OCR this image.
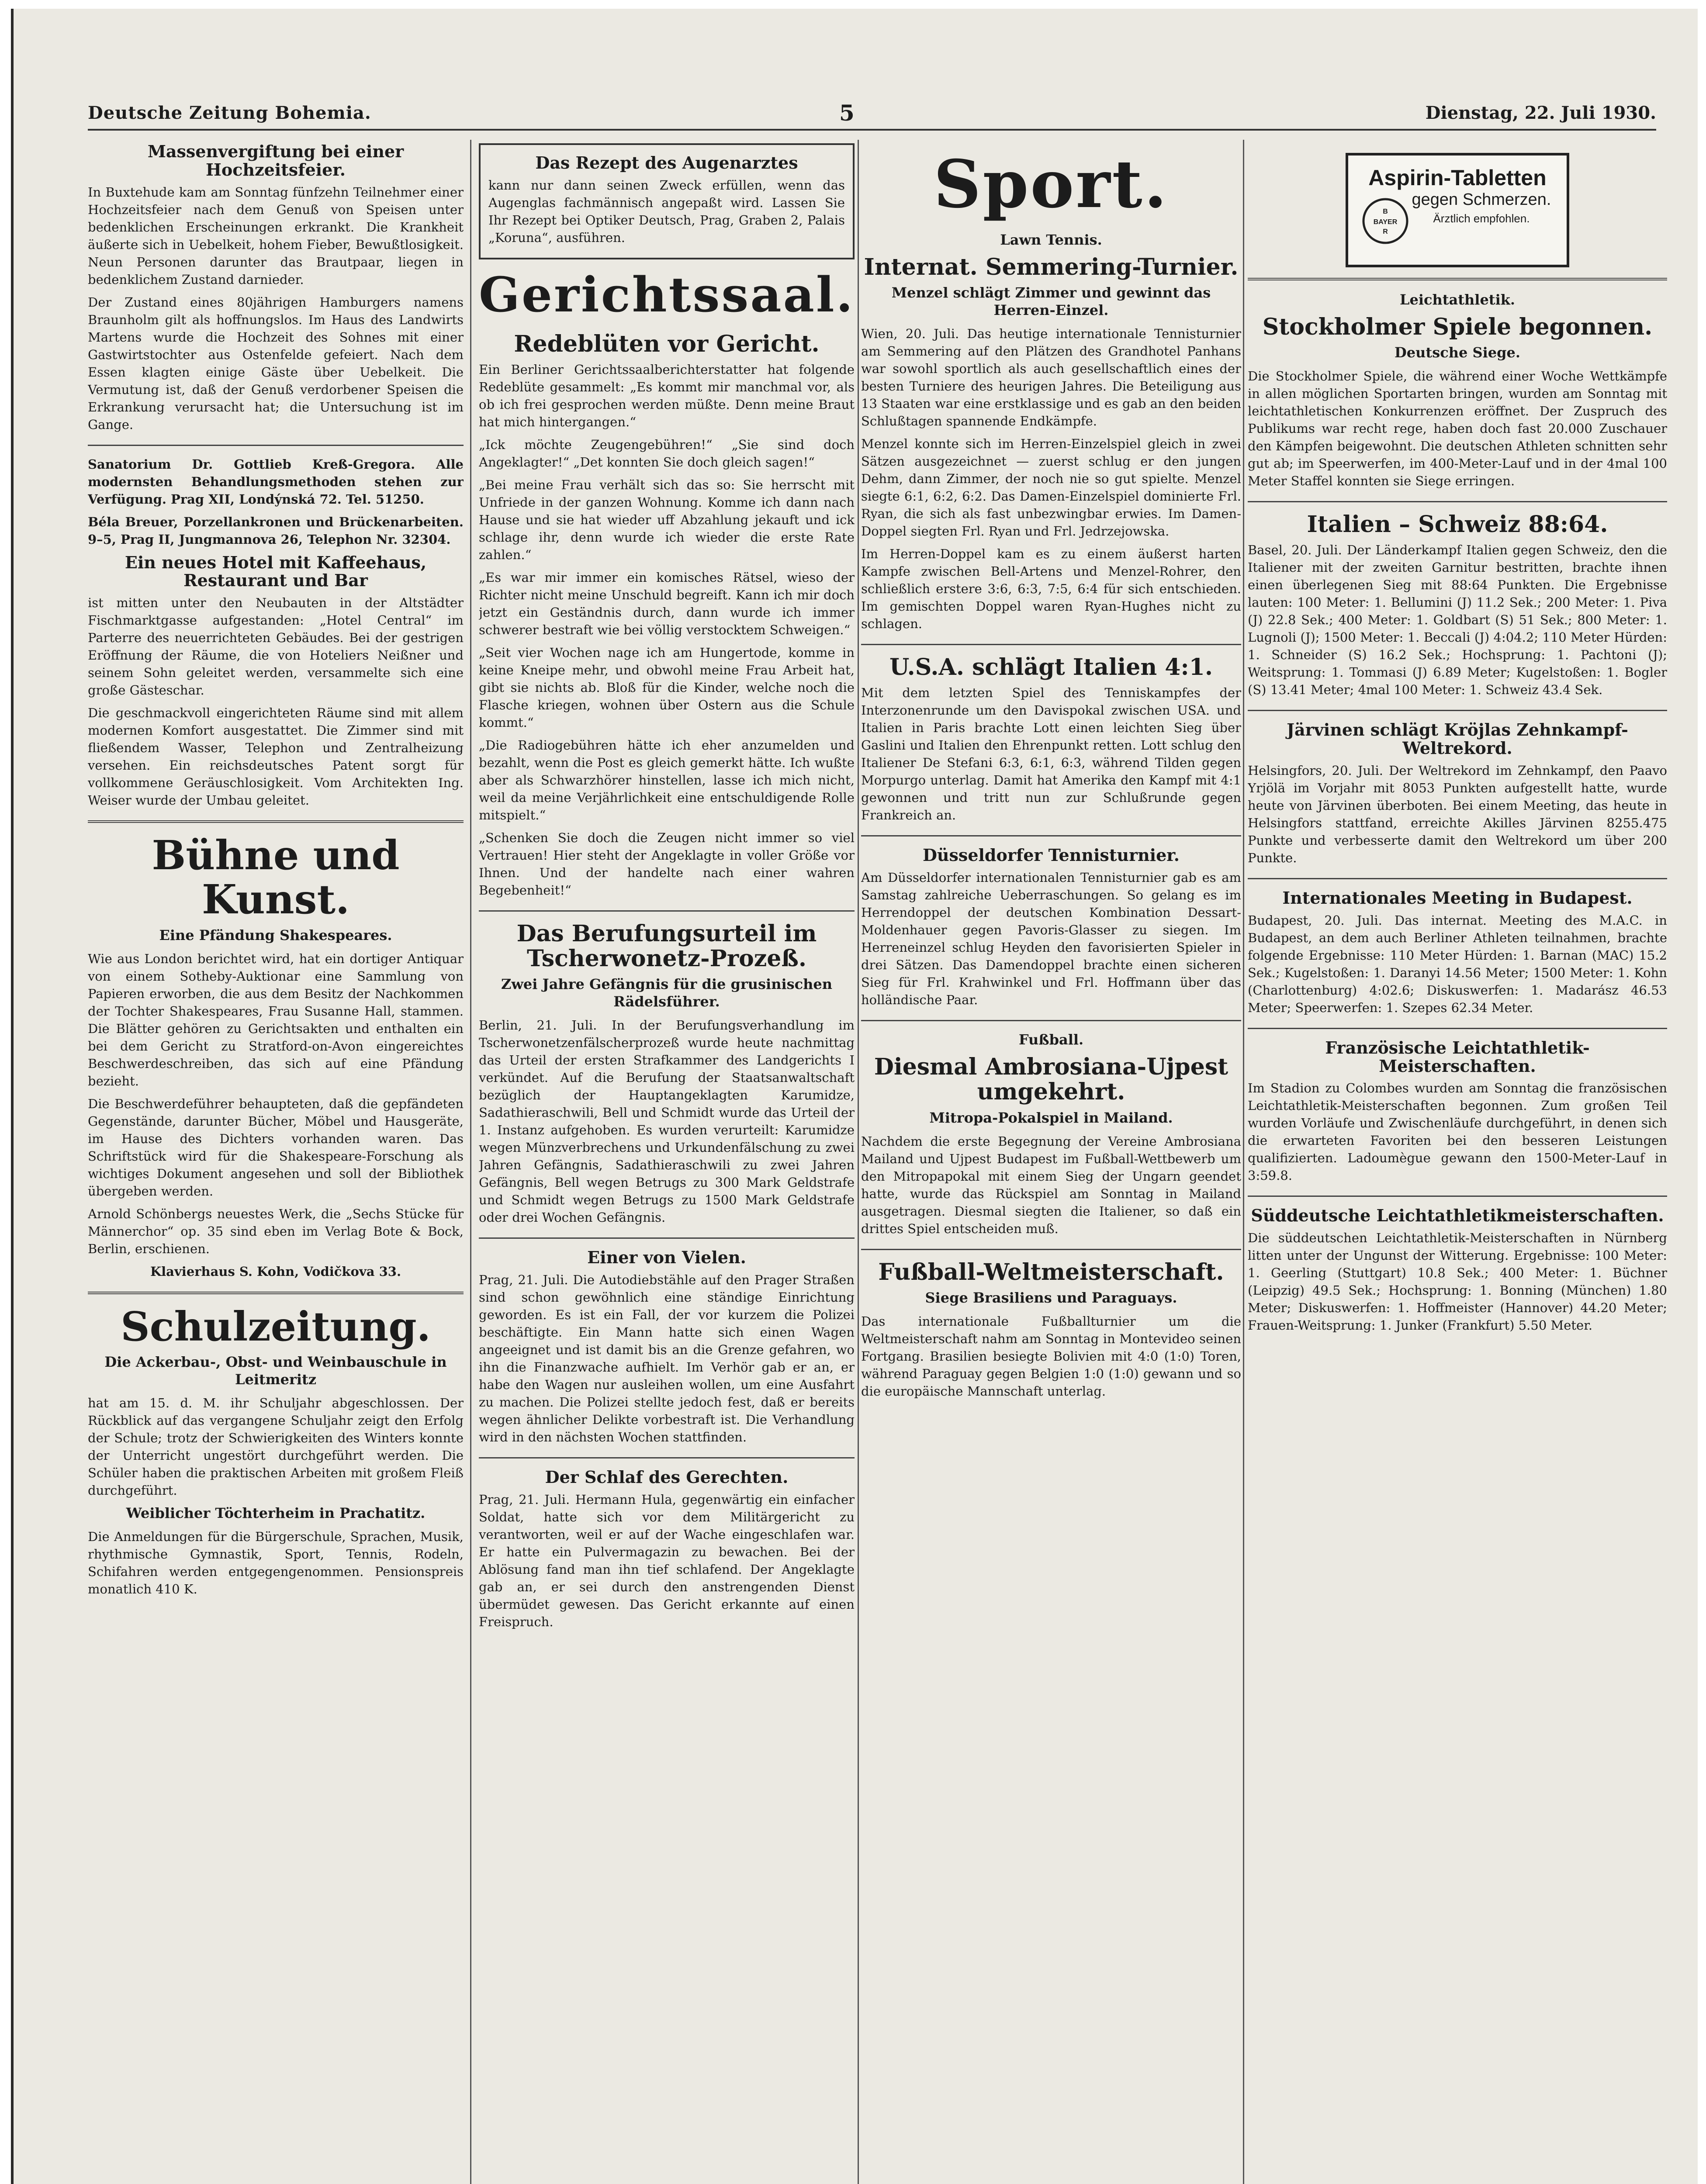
Deutsche Zeitung Bohemia.	5	Dienstag, 22. Juli 1930.
Massenvergiftung bei einer Hochzeitsfeier.

In Buxtehude kam am Sonntag fünfzehn Teilnehmer einer Hochzeitsfeier nach dem Genuß von Speisen unter bedenklichen Erscheinungen erkrankt. Die Krankheit äußerte sich in Uebelkeit, hohem Fieber, Bewußtlosigkeit. Neun Personen darunter das Brautpaar, liegen in bedenklichem Zustand darnieder.

Der Zustand eines 80jährigen Hamburgers namens Braunholm gilt als hoffnungslos. Im Haus des Landwirts Martens wurde die Hochzeit des Sohnes mit einer Gastwirtstochter aus Ostenfelde gefeiert. Nach dem Essen klagten einige Gäste über Uebelkeit. Die Vermutung ist, daß der Genuß verdorbener Speisen die Erkrankung verursacht hat; die Untersuchung ist im Gange.

Sanatorium Dr. Gottlieb Kreß-Gregora. Alle modernsten Behandlungsmethoden stehen zur Verfügung. Prag XII, Londýnská 72. Tel. 51250.

Béla Breuer, Porzellankronen und Brückenarbeiten. 9–5, Prag II, Jungmannova 26, Telephon Nr. 32304.

Ein neues Hotel mit Kaffeehaus, Restaurant und Bar

ist mitten unter den Neubauten in der Altstädter Fischmarktgasse aufgestanden: „Hotel Central“ im Parterre des neuerrichteten Gebäudes. Bei der gestrigen Eröffnung der Räume, die von Hoteliers Neißner und seinem Sohn geleitet werden, versammelte sich eine große Gästeschar.

Die geschmackvoll eingerichteten Räume sind mit allem modernen Komfort ausgestattet. Die Zimmer sind mit fließendem Wasser, Telephon und Zentralheizung versehen. Ein reichsdeutsches Patent sorgt für vollkommene Geräuschlosigkeit. Vom Architekten Ing. Weiser wurde der Umbau geleitet.

Bühne und Kunst.
Eine Pfändung Shakespeares.

Wie aus London berichtet wird, hat ein dortiger Antiquar von einem Sotheby-Auktionar eine Sammlung von Papieren erworben, die aus dem Besitz der Nachkommen der Tochter Shakespeares, Frau Susanne Hall, stammen. Die Blätter gehören zu Gerichtsakten und enthalten ein bei dem Gericht zu Stratford-on-Avon eingereichtes Beschwerdeschreiben, das sich auf eine Pfändung bezieht.

Die Beschwerdeführer behaupteten, daß die gepfändeten Gegenstände, darunter Bücher, Möbel und Hausgeräte, im Hause des Dichters vorhanden waren. Das Schriftstück wird für die Shakespeare-Forschung als wichtiges Dokument angesehen und soll der Bibliothek übergeben werden.

Arnold Schönbergs neuestes Werk, die „Sechs Stücke für Männerchor“ op. 35 sind eben im Verlag Bote & Bock, Berlin, erschienen.

Klavierhaus S. Kohn, Vodičkova 33.

Schulzeitung.
Die Ackerbau-, Obst- und Weinbauschule in Leitmeritz

hat am 15. d. M. ihr Schuljahr abgeschlossen. Der Rückblick auf das vergangene Schuljahr zeigt den Erfolg der Schule; trotz der Schwierigkeiten des Winters konnte der Unterricht ungestört durchgeführt werden. Die Schüler haben die praktischen Arbeiten mit großem Fleiß durchgeführt.

Weiblicher Töchterheim in Prachatitz.

Die Anmeldungen für die Bürgerschule, Sprachen, Musik, rhythmische Gymnastik, Sport, Tennis, Rodeln, Schifahren werden entgegengenommen. Pensionspreis monatlich 410 K.

Das Rezept des Augenarztes

kann nur dann seinen Zweck erfüllen, wenn das Augenglas fachmännisch angepaßt wird. Lassen Sie Ihr Rezept bei Optiker Deutsch, Prag, Graben 2, Palais „Koruna“, ausführen.

Gerichtssaal.
Redeblüten vor Gericht.

Ein Berliner Gerichtssaalberichterstatter hat folgende Redeblüte gesammelt: „Es kommt mir manchmal vor, als ob ich frei gesprochen werden müßte. Denn meine Braut hat mich hintergangen.“

„Ick möchte Zeugengebühren!“ „Sie sind doch Angeklagter!“ „Det konnten Sie doch gleich sagen!“

„Bei meine Frau verhält sich das so: Sie herrscht mit Unfriede in der ganzen Wohnung. Komme ich dann nach Hause und sie hat wieder uff Abzahlung jekauft und ick schlage ihr, denn wurde ich wieder die erste Rate zahlen.“

„Es war mir immer ein komisches Rätsel, wieso der Richter nicht meine Unschuld begreift. Kann ich mir doch jetzt ein Geständnis durch, dann wurde ich immer schwerer bestraft wie bei völlig verstocktem Schweigen.“

„Seit vier Wochen nage ich am Hungertode, komme in keine Kneipe mehr, und obwohl meine Frau Arbeit hat, gibt sie nichts ab. Bloß für die Kinder, welche noch die Flasche kriegen, wohnen über Ostern aus die Schule kommt.“

„Die Radiogebühren hätte ich eher anzumelden und bezahlt, wenn die Post es gleich gemerkt hätte. Ich wußte aber als Schwarzhörer hinstellen, lasse ich mich nicht, weil da meine Verjährlichkeit eine entschuldigende Rolle mitspielt.“

„Schenken Sie doch die Zeugen nicht immer so viel Vertrauen! Hier steht der Angeklagte in voller Größe vor Ihnen. Und der handelte nach einer wahren Begebenheit!“

Das Berufungsurteil im Tscherwonetz-Prozeß.
Zwei Jahre Gefängnis für die grusinischen Rädelsführer.

Berlin, 21. Juli. In der Berufungsverhandlung im Tscherwonetzenfälscherprozeß wurde heute nachmittag das Urteil der ersten Strafkammer des Landgerichts I verkündet. Auf die Berufung der Staatsanwaltschaft bezüglich der Hauptangeklagten Karumidze, Sadathieraschwili, Bell und Schmidt wurde das Urteil der 1. Instanz aufgehoben. Es wurden verurteilt: Karumidze wegen Münzverbrechens und Urkundenfälschung zu zwei Jahren Gefängnis, Sadathieraschwili zu zwei Jahren Gefängnis, Bell wegen Betrugs zu 300 Mark Geldstrafe und Schmidt wegen Betrugs zu 1500 Mark Geldstrafe oder drei Wochen Gefängnis.

Einer von Vielen.

Prag, 21. Juli. Die Autodiebstähle auf den Prager Straßen sind schon gewöhnlich eine ständige Einrichtung geworden. Es ist ein Fall, der vor kurzem die Polizei beschäftigte. Ein Mann hatte sich einen Wagen angeeignet und ist damit bis an die Grenze gefahren, wo ihn die Finanzwache aufhielt. Im Verhör gab er an, er habe den Wagen nur ausleihen wollen, um eine Ausfahrt zu machen. Die Polizei stellte jedoch fest, daß er bereits wegen ähnlicher Delikte vorbestraft ist. Die Verhandlung wird in den nächsten Wochen stattfinden.

Der Schlaf des Gerechten.

Prag, 21. Juli. Hermann Hula, gegenwärtig ein einfacher Soldat, hatte sich vor dem Militärgericht zu verantworten, weil er auf der Wache eingeschlafen war. Er hatte ein Pulvermagazin zu bewachen. Bei der Ablösung fand man ihn tief schlafend. Der Angeklagte gab an, er sei durch den anstrengenden Dienst übermüdet gewesen. Das Gericht erkannte auf einen Freispruch.

Sport.
Lawn Tennis.
Internat. Semmering-Turnier.
Menzel schlägt Zimmer und gewinnt das Herren-Einzel.

Wien, 20. Juli. Das heutige internationale Tennisturnier am Semmering auf den Plätzen des Grandhotel Panhans war sowohl sportlich als auch gesellschaftlich eines der besten Turniere des heurigen Jahres. Die Beteiligung aus 13 Staaten war eine erstklassige und es gab an den beiden Schlußtagen spannende Endkämpfe.

Menzel konnte sich im Herren-Einzelspiel gleich in zwei Sätzen ausgezeichnet — zuerst schlug er den jungen Dehm, dann Zimmer, der noch nie so gut spielte. Menzel siegte 6:1, 6:2, 6:2. Das Damen-Einzelspiel dominierte Frl. Ryan, die sich als fast unbezwingbar erwies. Im Damen-Doppel siegten Frl. Ryan und Frl. Jedrzejowska.

Im Herren-Doppel kam es zu einem äußerst harten Kampfe zwischen Bell-Artens und Menzel-Rohrer, den schließlich erstere 3:6, 6:3, 7:5, 6:4 für sich entschieden. Im gemischten Doppel waren Ryan-Hughes nicht zu schlagen.

U.S.A. schlägt Italien 4:1.

Mit dem letzten Spiel des Tenniskampfes der Interzonenrunde um den Davispokal zwischen USA. und Italien in Paris brachte Lott einen leichten Sieg über Gaslini und Italien den Ehrenpunkt retten. Lott schlug den Italiener De Stefani 6:3, 6:1, 6:3, während Tilden gegen Morpurgo unterlag. Damit hat Amerika den Kampf mit 4:1 gewonnen und tritt nun zur Schlußrunde gegen Frankreich an.

Düsseldorfer Tennisturnier.

Am Düsseldorfer internationalen Tennisturnier gab es am Samstag zahlreiche Ueberraschungen. So gelang es im Herrendoppel der deutschen Kombination Dessart-Moldenhauer gegen Pavoris-Glasser zu siegen. Im Herreneinzel schlug Heyden den favorisierten Spieler in drei Sätzen. Das Damendoppel brachte einen sicheren Sieg für Frl. Krahwinkel und Frl. Hoffmann über das holländische Paar.

Fußball.
Diesmal Ambrosiana-Ujpest umgekehrt.
Mitropa-Pokalspiel in Mailand.

Nachdem die erste Begegnung der Vereine Ambrosiana Mailand und Ujpest Budapest im Fußball-Wettbewerb um den Mitropapokal mit einem Sieg der Ungarn geendet hatte, wurde das Rückspiel am Sonntag in Mailand ausgetragen. Diesmal siegten die Italiener, so daß ein drittes Spiel entscheiden muß.

Fußball-Weltmeisterschaft.
Siege Brasiliens und Paraguays.

Das internationale Fußballturnier um die Weltmeisterschaft nahm am Sonntag in Montevideo seinen Fortgang. Brasilien besiegte Bolivien mit 4:0 (1:0) Toren, während Paraguay gegen Belgien 1:0 (1:0) gewann und so die europäische Mannschaft unterlag.

Aspirin-Tabletten
B
BAYER
R
gegen Schmerzen.
Ärztlich empfohlen.
Leichtathletik.
Stockholmer Spiele begonnen.
Deutsche Siege.

Die Stockholmer Spiele, die während einer Woche Wettkämpfe in allen möglichen Sportarten bringen, wurden am Sonntag mit leichtathletischen Konkurrenzen eröffnet. Der Zuspruch des Publikums war recht rege, haben doch fast 20.000 Zuschauer den Kämpfen beigewohnt. Die deutschen Athleten schnitten sehr gut ab; im Speerwerfen, im 400-Meter-Lauf und in der 4mal 100 Meter Staffel konnten sie Siege erringen.

Italien – Schweiz 88:64.

Basel, 20. Juli. Der Länderkampf Italien gegen Schweiz, den die Italiener mit der zweiten Garnitur bestritten, brachte ihnen einen überlegenen Sieg mit 88:64 Punkten. Die Ergebnisse lauten: 100 Meter: 1. Bellumini (J) 11.2 Sek.; 200 Meter: 1. Piva (J) 22.8 Sek.; 400 Meter: 1. Goldbart (S) 51 Sek.; 800 Meter: 1. Lugnoli (J); 1500 Meter: 1. Beccali (J) 4:04.2; 110 Meter Hürden: 1. Schneider (S) 16.2 Sek.; Hochsprung: 1. Pachtoni (J); Weitsprung: 1. Tommasi (J) 6.89 Meter; Kugelstoßen: 1. Bogler (S) 13.41 Meter; 4mal 100 Meter: 1. Schweiz 43.4 Sek.

Järvinen schlägt Kröjlas Zehnkampf-Weltrekord.

Helsingfors, 20. Juli. Der Weltrekord im Zehnkampf, den Paavo Yrjölä im Vorjahr mit 8053 Punkten aufgestellt hatte, wurde heute von Järvinen überboten. Bei einem Meeting, das heute in Helsingfors stattfand, erreichte Akilles Järvinen 8255.475 Punkte und verbesserte damit den Weltrekord um über 200 Punkte.

Internationales Meeting in Budapest.

Budapest, 20. Juli. Das internat. Meeting des M.A.C. in Budapest, an dem auch Berliner Athleten teilnahmen, brachte folgende Ergebnisse: 110 Meter Hürden: 1. Barnan (MAC) 15.2 Sek.; Kugelstoßen: 1. Daranyi 14.56 Meter; 1500 Meter: 1. Kohn (Charlottenburg) 4:02.6; Diskuswerfen: 1. Madarász 46.53 Meter; Speerwerfen: 1. Szepes 62.34 Meter.

Französische Leichtathletik-Meisterschaften.

Im Stadion zu Colombes wurden am Sonntag die französischen Leichtathletik-Meisterschaften begonnen. Zum großen Teil wurden Vorläufe und Zwischenläufe durchgeführt, in denen sich die erwarteten Favoriten bei den besseren Leistungen qualifizierten. Ladoumègue gewann den 1500-Meter-Lauf in 3:59.8.

Süddeutsche Leichtathletikmeisterschaften.

Die süddeutschen Leichtathletik-Meisterschaften in Nürnberg litten unter der Ungunst der Witterung. Ergebnisse: 100 Meter: 1. Geerling (Stuttgart) 10.8 Sek.; 400 Meter: 1. Büchner (Leipzig) 49.5 Sek.; Hochsprung: 1. Bonning (München) 1.80 Meter; Diskuswerfen: 1. Hoffmeister (Hannover) 44.20 Meter; Frauen-Weitsprung: 1. Junker (Frankfurt) 5.50 Meter.
